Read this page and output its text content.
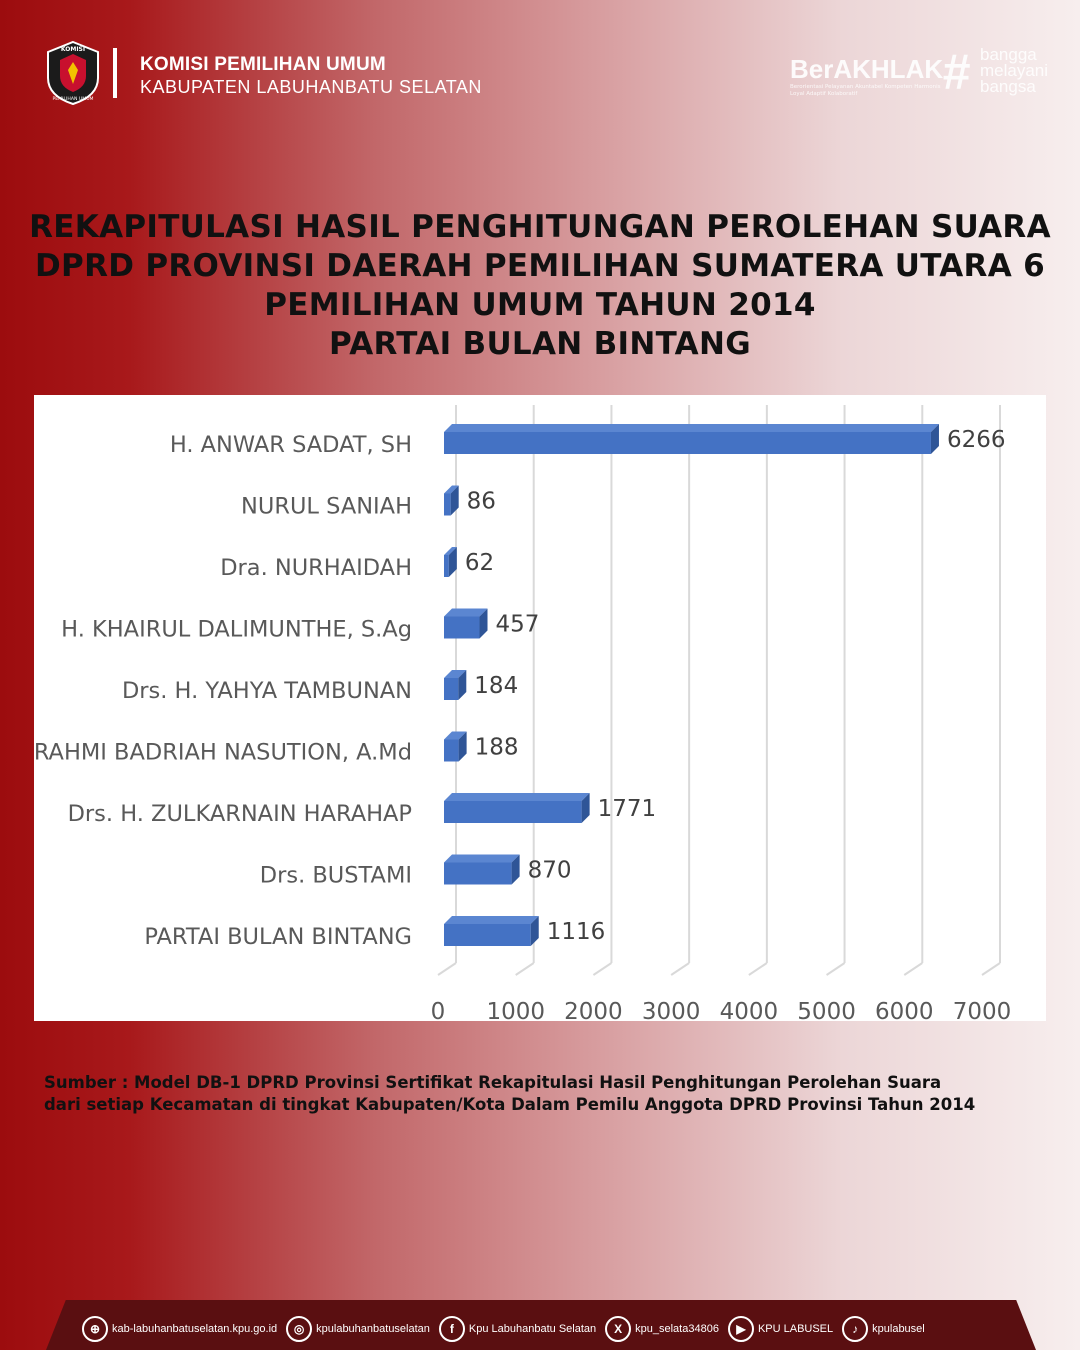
KOMISI
PEMILIHAN UMUM
KOMISI PEMILIHAN UMUM
KABUPATEN LABUHANBATU SELATAN
BerAKHLAK
Berorientasi Pelayanan Akuntabel Kompeten Harmonis Loyal Adaptif Kolaboratif	# bangga
melayani
bangsa
REKAPITULASI HASIL PENGHITUNGAN PEROLEHAN SUARA
DPRD PROVINSI DAERAH PEMILIHAN SUMATERA UTARA 6
PEMILIHAN UMUM TAHUN 2014
PARTAI BULAN BINTANG
0 1000 2000 3000 4000 5000 6000 7000
H. ANWAR SADAT, SH	6266
NURUL SANIAH 86
Dra. NURHAIDAH 62
H. KHAIRUL DALIMUNTHE, S.Ag	457
Drs. H. YAHYA TAMBUNAN	184
RAHMI BADRIAH NASUTION, A.Md	188
Drs. H. ZULKARNAIN HARAHAP	1771
Drs. BUSTAMI	870
PARTAI BULAN BINTANG	1116
Sumber : Model DB-1 DPRD Provinsi Sertifikat Rekapitulasi Hasil Penghitungan Perolehan Suara
dari setiap Kecamatan di tingkat Kabupaten/Kota Dalam Pemilu Anggota DPRD Provinsi Tahun 2014
⊕	kab-labuhanbatuselatan.kpu.go.id	◎	kpulabuhanbatuselatan	f	Kpu Labuhanbatu Selatan	X	kpu_selata34806	▶	KPU LABUSEL	♪	kpulabusel
